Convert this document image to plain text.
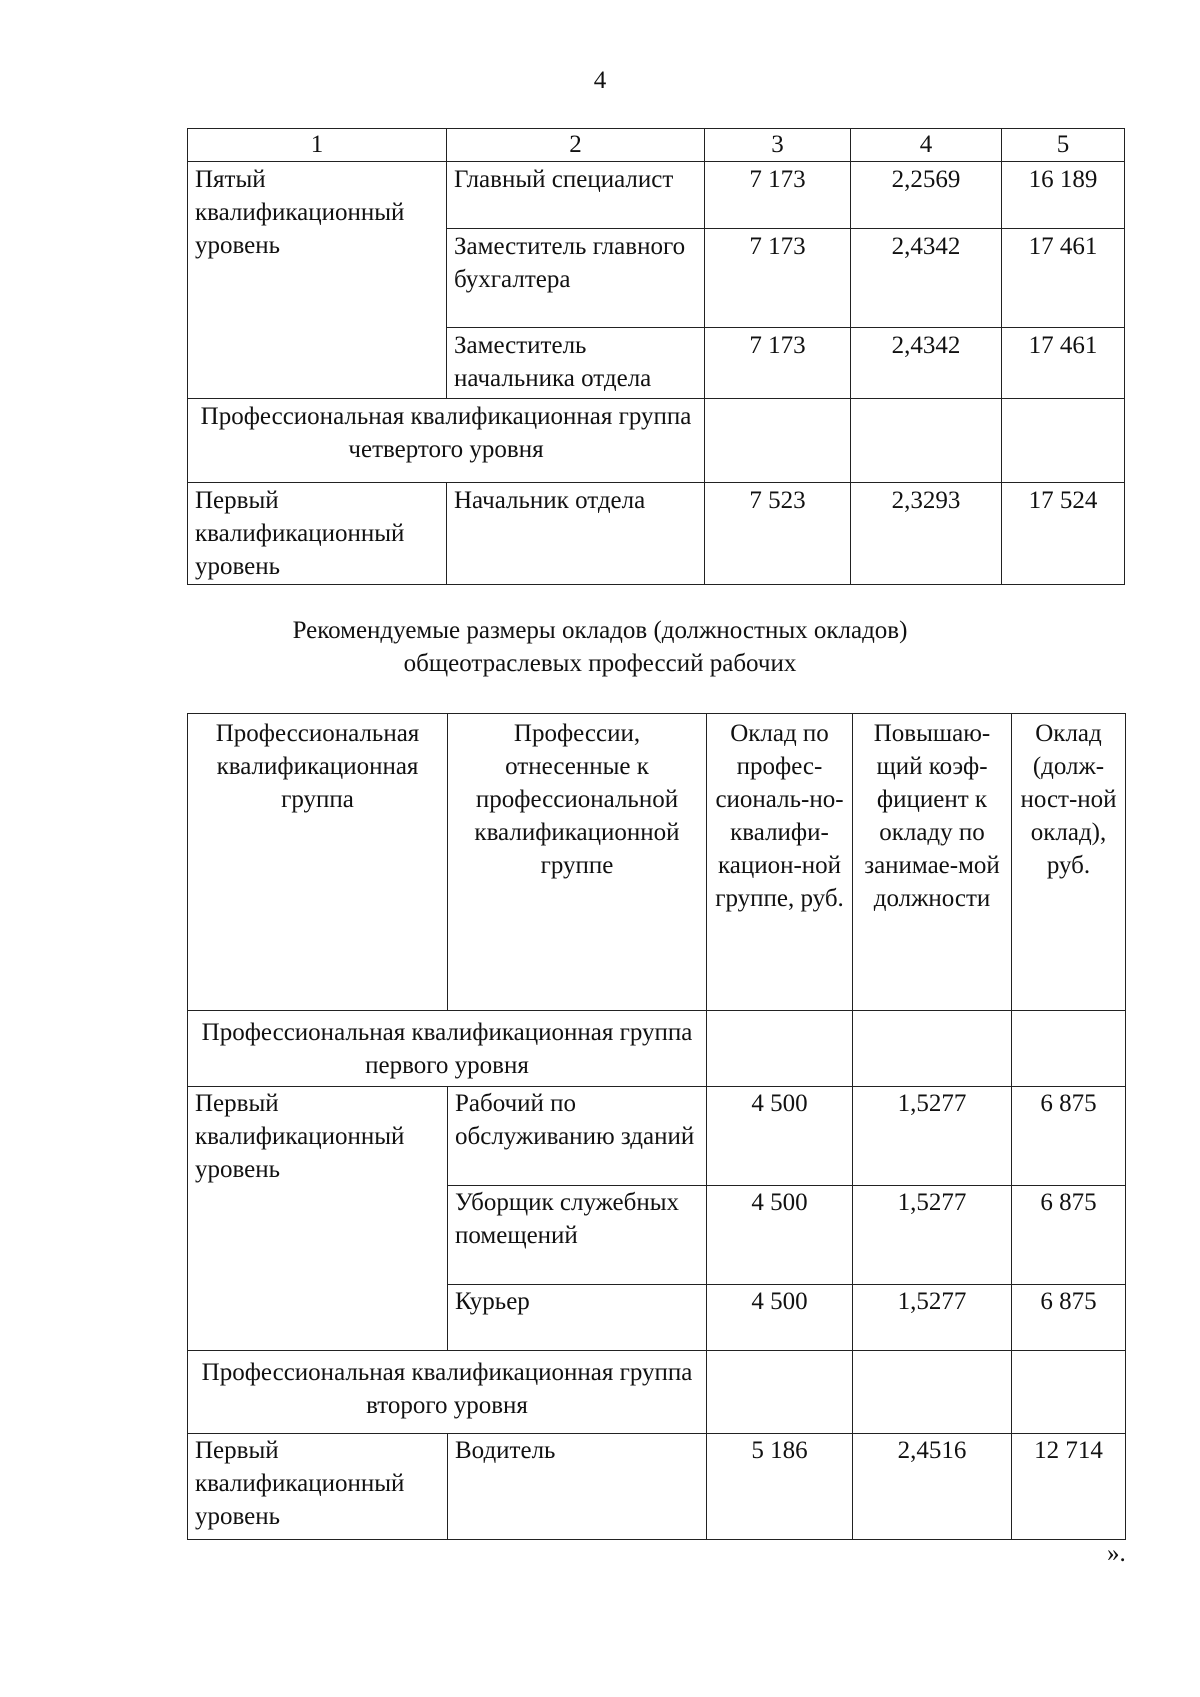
4
1	2	3	4	5
Пятый квалификационный уровень	Главный специалист	7 173	2,2569	16 189
	Заместитель главного бухгалтера	7 173	2,4342	17 461
	Заместитель начальника отдела	7 173	2,4342	17 461
Профессиональная квалификационная группа четвертого уровня				
Первый квалификационный уровень	Начальник отдела	7 523	2,3293	17 524
Рекомендуемые размеры окладов (должностных окладов)
общеотраслевых профессий рабочих
Профессиональная квалификационная группа	Профессии, отнесенные к профессиональной квалификационной группе	Оклад по профес-сиональ-но-квалифи-кацион-ной группе, руб.	Повышаю-щий коэф-фициент к окладу по занимае-мой должности	Оклад (долж-ност-ной оклад), руб.
Профессиональная квалификационная группа первого уровня				
Первый квалификационный уровень	Рабочий по обслуживанию зданий	4 500	1,5277	6 875
	Уборщик служебных помещений	4 500	1,5277	6 875
	Курьер	4 500	1,5277	6 875
Профессиональная квалификационная группа второго уровня				
Первый квалификационный уровень	Водитель	5 186	2,4516	12 714
».
